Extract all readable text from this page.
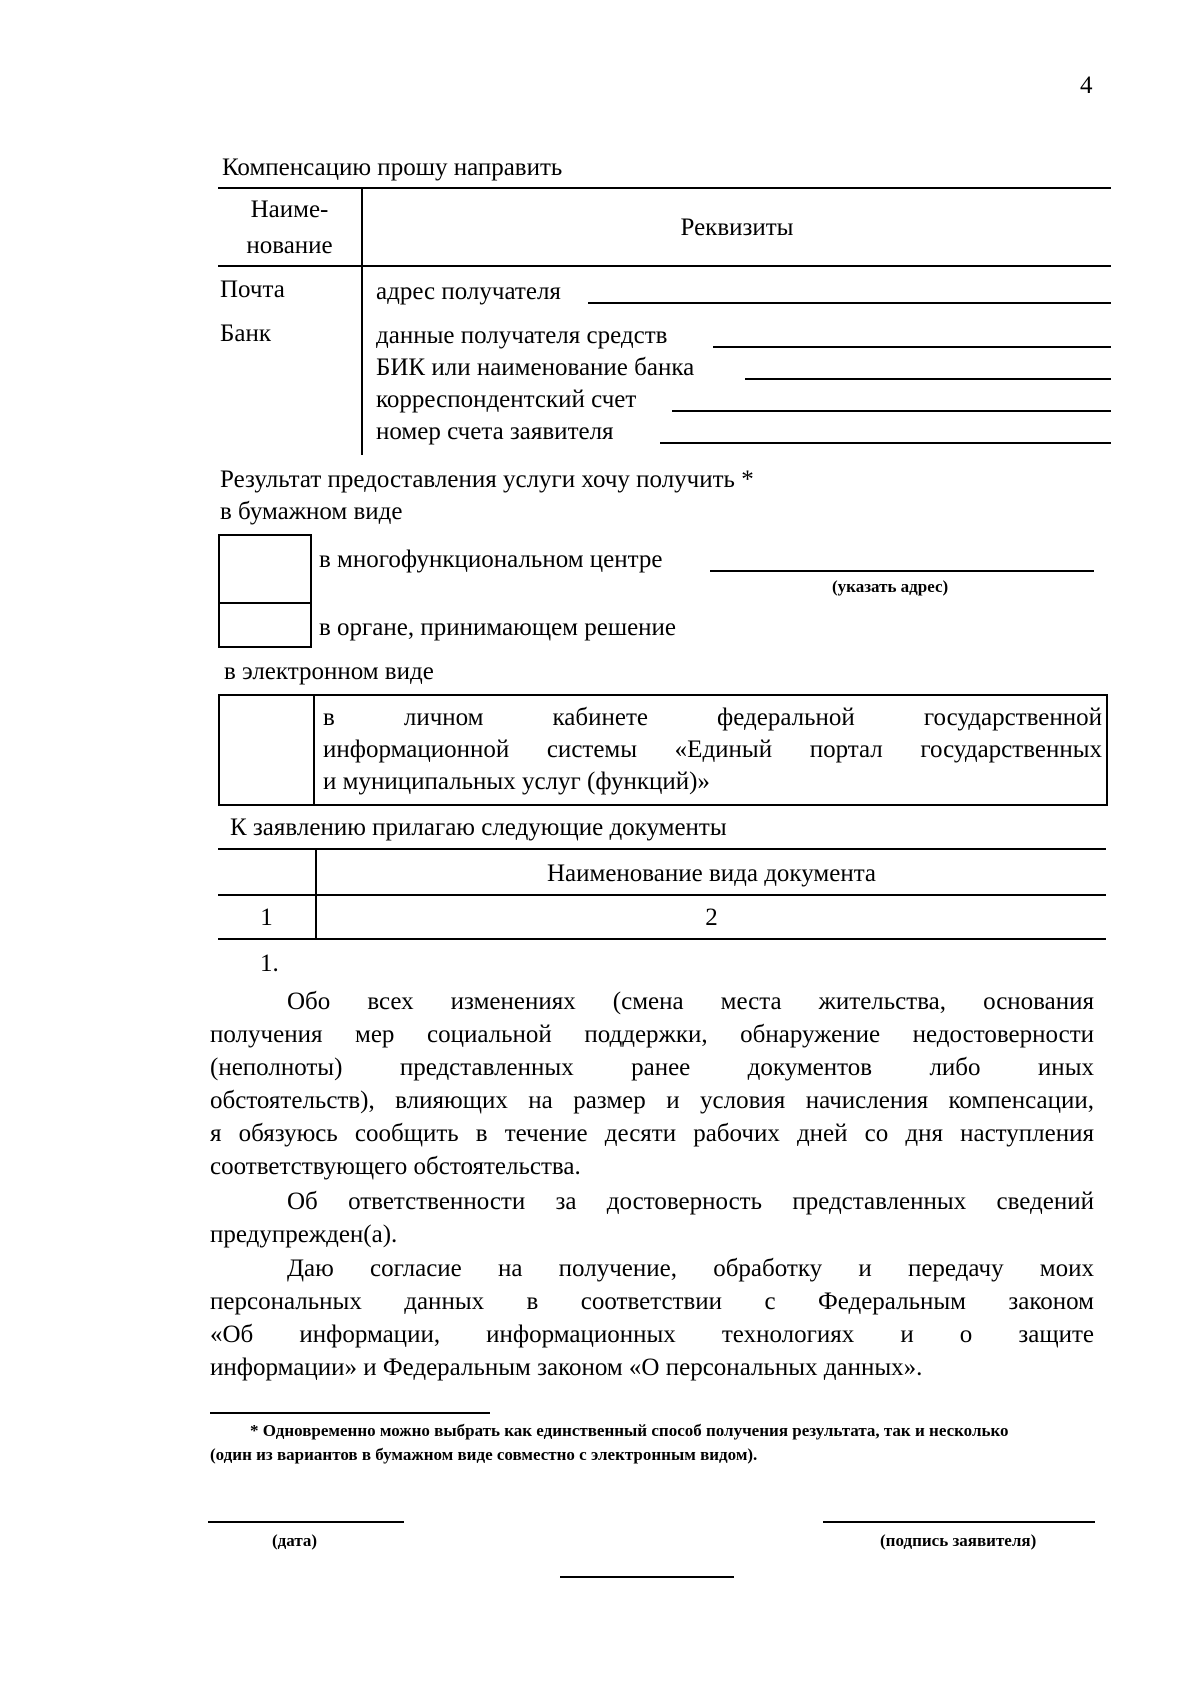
4
Компенсацию прошу направить
Наиме-
нование
Реквизиты
Почта	адрес получателя
Банк	данные получателя средств
БИК или наименование банка
корреспондентский счет
номер счета заявителя
Результат предоставления услуги хочу получить *
в бумажном виде
в многофункциональном центре
(указать адрес)
в органе, принимающем решение
в электронном виде
в личном кабинете федеральной государственной
информационной системы «Единый портал государственных
и муниципальных услуг (функций)»
К заявлению прилагаю следующие документы
Наименование вида документа
1	2
1.
Обо всех изменениях (смена места жительства, основания
получения мер социальной поддержки, обнаружение недостоверности
(неполноты) представленных ранее документов либо иных
обстоятельств), влияющих на размер и условия начисления компенсации,
я обязуюсь сообщить в течение десяти рабочих дней со дня наступления
соответствующего обстоятельства.
Об ответственности за достоверность представленных сведений
предупрежден(а).
Даю согласие на получение, обработку и передачу моих
персональных данных в соответствии с Федеральным законом
«Об информации, информационных технологиях и о защите
информации» и Федеральным законом «О персональных данных».
* Одновременно можно выбрать как единственный способ получения результата, так и несколько
(один из вариантов в бумажном виде совместно с электронным видом).
(дата)	(подпись заявителя)
